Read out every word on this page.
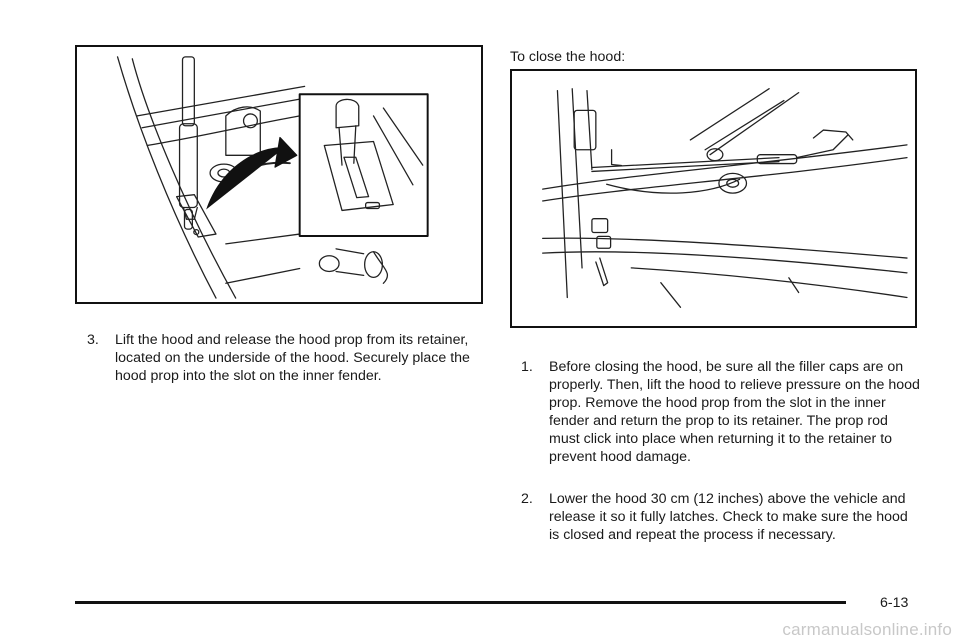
3. Lift the hood and release the hood prop from its retainer, located on the underside of the hood. Securely place the hood prop into the slot on the inner fender.
To close the hood:
1. Before closing the hood, be sure all the filler caps are on properly. Then, lift the hood to relieve pressure on the hood prop. Remove the hood prop from the slot in the inner fender and return the prop to its retainer. The prop rod must click into place when returning it to the retainer to prevent hood damage.
2. Lower the hood 30 cm (12 inches) above the vehicle and release it so it fully latches. Check to make sure the hood is closed and repeat the process if necessary.
6-13
carmanualsonline.info
